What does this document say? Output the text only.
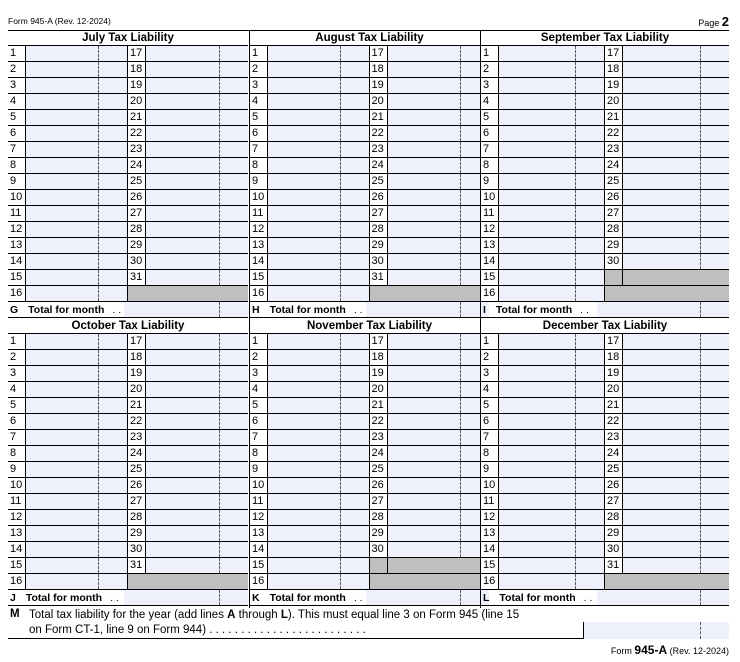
Form 945-A (Rev. 12-2024)	Page 2
July Tax Liability
1	17
2	18
3	19
4	20
5	21
6	22
7	23
8	24
9	25
10	26
11	27
12	28
13	29
14	30
15	31
16
G Total for month . .
August Tax Liability
1	17
2	18
3	19
4	20
5	21
6	22
7	23
8	24
9	25
10	26
11	27
12	28
13	29
14	30
15	31
16
H Total for month . .
September Tax Liability
1	17
2	18
3	19
4	20
5	21
6	22
7	23
8	24
9	25
10	26
11	27
12	28
13	29
14	30
15
16
I Total for month . .
October Tax Liability
1	17
2	18
3	19
4	20
5	21
6	22
7	23
8	24
9	25
10	26
11	27
12	28
13	29
14	30
15	31
16
J Total for month . .
November Tax Liability
1	17
2	18
3	19
4	20
5	21
6	22
7	23
8	24
9	25
10	26
11	27
12	28
13	29
14	30
15
16
K Total for month . .
December Tax Liability
1	17
2	18
3	19
4	20
5	21
6	22
7	23
8	24
9	25
10	26
11	27
12	28
13	29
14	30
15	31
16
L Total for month . .
M Total tax liability for the year (add lines A through L). This must equal line 3 on Form 945 (line 15
on Form CT-1, line 9 on Form 944) . . . . . . . . . . . . . . . . . . . . . . . . .
Form 945-A (Rev. 12-2024)
